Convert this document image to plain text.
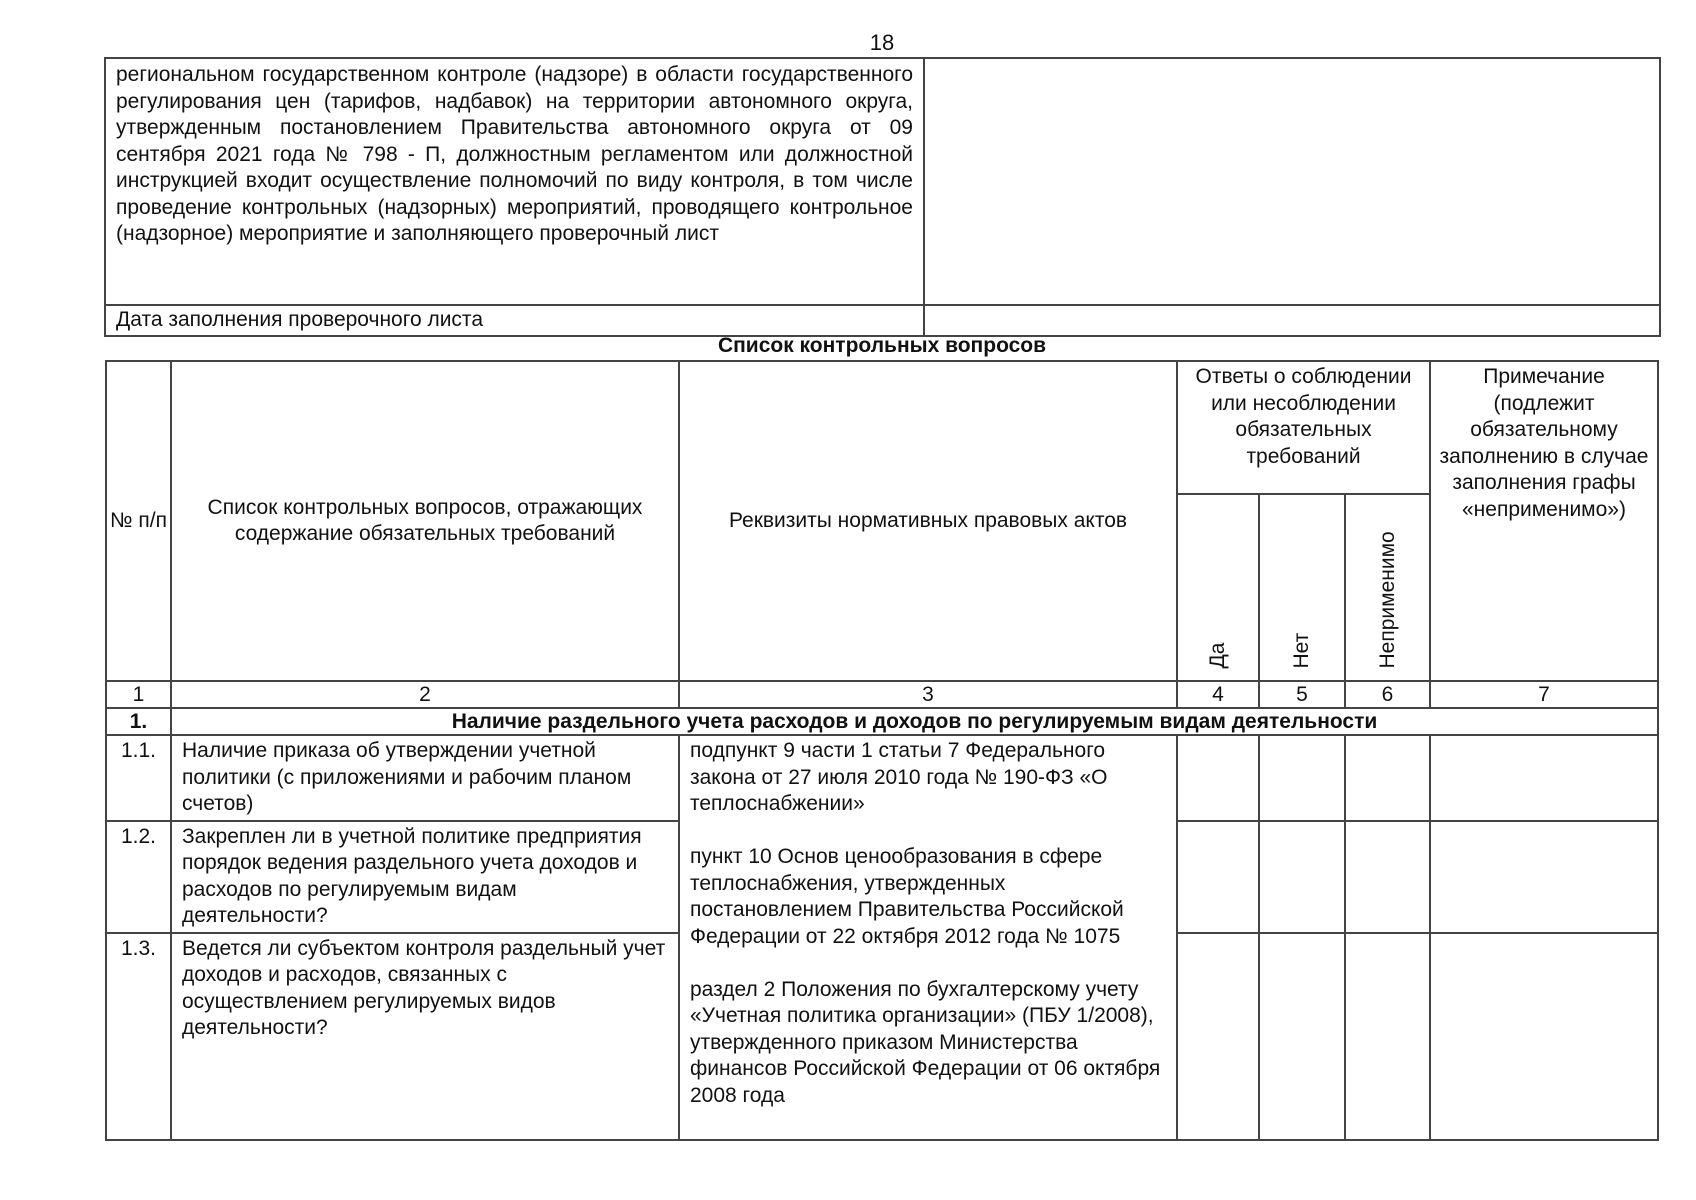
18
региональном государственном контроле (надзоре) в области государственного регулирования цен (тарифов, надбавок) на территории автономного округа, утвержденным постановлением Правительства автономного округа от 09 сентября 2021 года № 798 - П, должностным регламентом или должностной инструкцией входит осуществление полномочий по виду контроля, в том числе проведение контрольных (надзорных) мероприятий, проводящего контрольное (надзорное) мероприятие и заполняющего проверочный лист	
Дата заполнения проверочного листа	
Список контрольных вопросов
№ п/п	Список контрольных вопросов, отражающих содержание обязательных требований	Реквизиты нормативных правовых актов	Ответы о соблюдении или несоблюдении обязательных требований			Примечание (подлежит обязательному заполнению в случае заполнения графы «неприменимо»)

			Да	Нет	Неприменимо	

1	2	3	4	5	6	7
1.	Наличие раздельного учета расходов и доходов по регулируемым видам деятельности					
1.1.	Наличие приказа об утверждении учетной политики (с приложениями и рабочим планом счетов)	подпункт 9 части 1 статьи 7 Федерального закона от 27 июля 2010 года № 190-ФЗ «О теплоснабжении»

пункт 10 Основ ценообразования в сфере теплоснабжения, утвержденных постановлением Правительства Российской Федерации от 22 октября 2012 года № 1075

раздел 2 Положения по бухгалтерскому учету «Учетная политика организации» (ПБУ 1/2008), утвержденного приказом Министерства финансов Российской Федерации от 06 октября 2008 года				

1.2.	Закреплен ли в учетной политике предприятия порядок ведения раздельного учета доходов и расходов по регулируемым видам деятельности?					
1.3.	Ведется ли субъектом контроля раздельный учет доходов и расходов, связанных с осуществлением регулируемых видов деятельности?					
